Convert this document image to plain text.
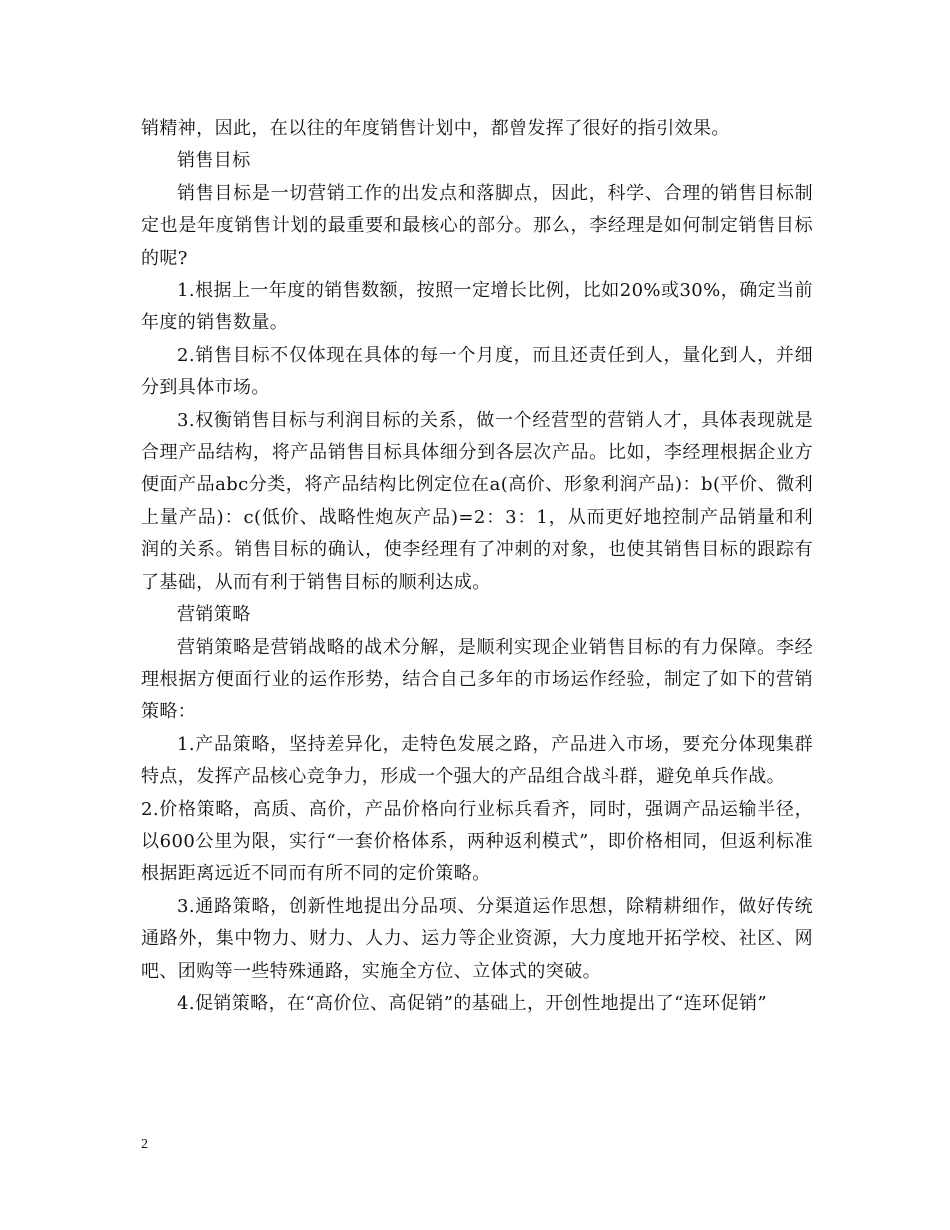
销精神，因此，在以往的年度销售计划中，都曾发挥了很好的指引效果。

销售目标

销售目标是一切营销工作的出发点和落脚点，因此，科学、合理的销售目标制定也是年度销售计划的最重要和最核心的部分。那么，李经理是如何制定销售目标的呢?

1.根据上一年度的销售数额，按照一定增长比例，比如20%或30%，确定当前年度的销售数量。

2.销售目标不仅体现在具体的每一个月度，而且还责任到人，量化到人，并细分到具体市场。

3.权衡销售目标与利润目标的关系，做一个经营型的营销人才，具体表现就是合理产品结构，将产品销售目标具体细分到各层次产品。比如，李经理根据企业方便面产品abc分类，将产品结构比例定位在a(高价、形象利润产品)：b(平价、微利上量产品)：c(低价、战略性炮灰产品)=2：3：1，从而更好地控制产品销量和利润的关系。销售目标的确认，使李经理有了冲刺的对象，也使其销售目标的跟踪有了基础，从而有利于销售目标的顺利达成。

营销策略

营销策略是营销战略的战术分解，是顺利实现企业销售目标的有力保障。李经理根据方便面行业的运作形势，结合自己多年的市场运作经验，制定了如下的营销策略：

1.产品策略，坚持差异化，走特色发展之路，产品进入市场，要充分体现集群特点，发挥产品核心竞争力，形成一个强大的产品组合战斗群，避免单兵作战。

2.价格策略，高质、高价，产品价格向行业标兵看齐，同时，强调产品运输半径，以600公里为限，实行“一套价格体系，两种返利模式”，即价格相同，但返利标准根据距离远近不同而有所不同的定价策略。

3.通路策略，创新性地提出分品项、分渠道运作思想，除精耕细作，做好传统通路外，集中物力、财力、人力、运力等企业资源，大力度地开拓学校、社区、网吧、团购等一些特殊通路，实施全方位、立体式的突破。

4.促销策略，在“高价位、高促销”的基础上，开创性地提出了“连环促销”

2
